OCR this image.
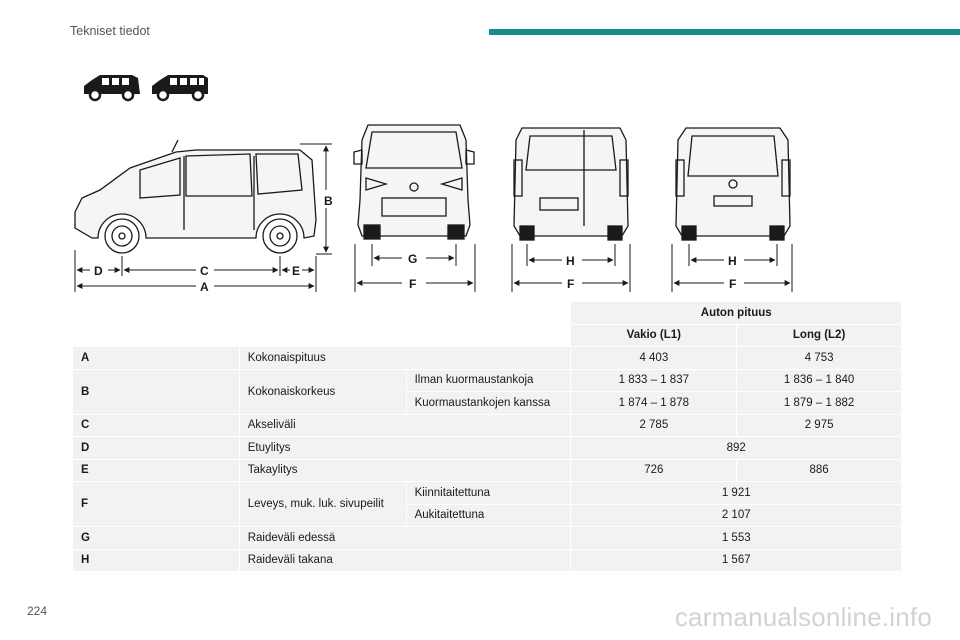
Tekniset tiedot
B
D	C	E
A
G
F
H
F
H
F
			Auton pituus	
			Vakio (L1)	Long (L2)
A	Kokonaispituus		4 403	4 753
B	Kokonaiskorkeus	Ilman kuormaustankoja	1 833 – 1 837	1 836 – 1 840
		Kuormaustankojen kanssa	1 874 – 1 878	1 879 – 1 882
C	Akseliväli		2 785	2 975
D	Etuylitys		892	
E	Takaylitys		726	886
F	Leveys, muk. luk. sivupeilit	Kiinnitaitettuna	1 921	
		Aukitaitettuna	2 107	
G	Raideväli edessä		1 553	
H	Raideväli takana		1 567	
224	carmanualsonline.info
